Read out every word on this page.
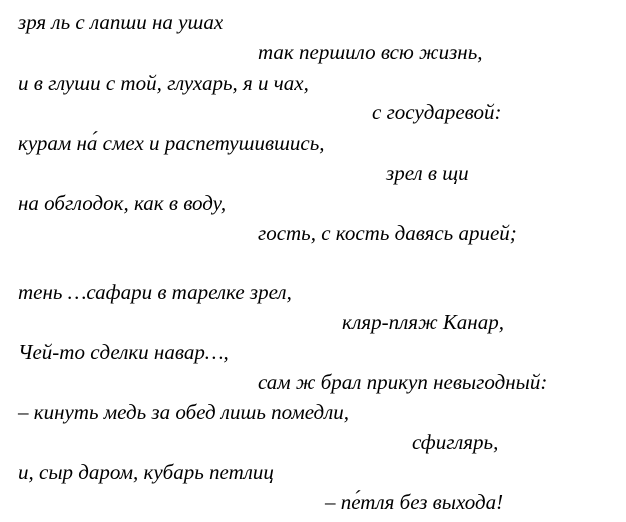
зря ль с лапши на ушах
так першило всю жизнь,
и в глуши с той, глухарь, я и чах,
с государевой:
курам на́ смех и распетушившись,
зрел в щи
на обглодок, как в воду,
гость, с кость давясь арией;
тень …сафари в тарелке зрел,
кляр-пляж Канар,
Чей-то сделки навар…,
сам ж брал прикуп невыгодный:
– кинуть медь за обед лишь помедли,
сфиглярь,
и, сыр даром, кубарь петлиц
– пе́тля без выхода!
